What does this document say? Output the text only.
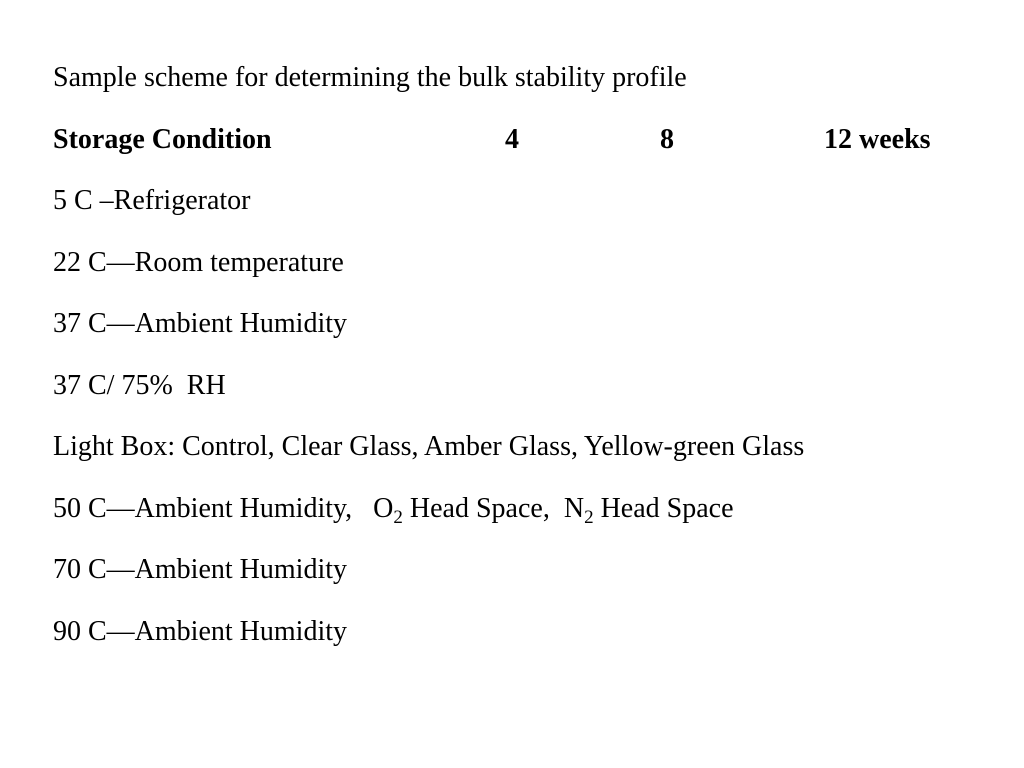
Sample scheme for determining the bulk stability profile
Storage Condition	4	8	12 weeks
5 C –Refrigerator
22 C—Room temperature
37 C—Ambient Humidity
37 C/ 75%  RH
Light Box: Control, Clear Glass, Amber Glass, Yellow-green Glass
50 C—Ambient Humidity,   $O_2$ Head Space,  $N_2$ Head Space
70 C—Ambient Humidity
90 C—Ambient Humidity
